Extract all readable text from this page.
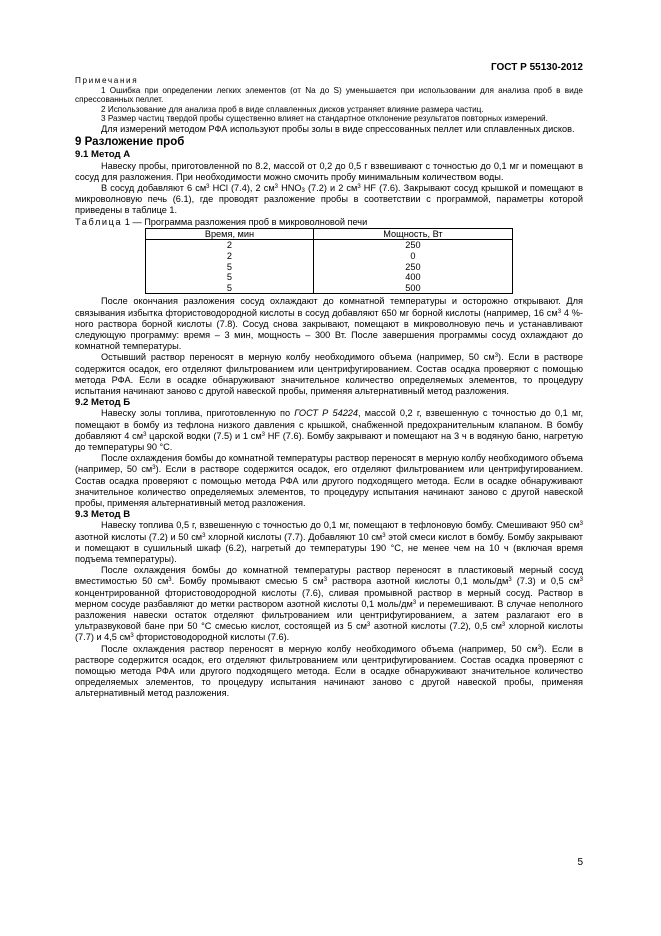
ГОСТ Р 55130-2012

Примечания

1 Ошибка при определении легких элементов (от Na до S) уменьшается при использовании для анализа проб в виде спрессованных пеллет.

2 Использование для анализа проб в виде сплавленных дисков устраняет влияние размера частиц.

3 Размер частиц твердой пробы существенно влияет на стандартное отклонение результатов повторных измерений.

Для измерений методом РФА используют пробы золы в виде спрессованных пеллет или сплавленных дисков.

9 Разложение проб
9.1 Метод А

Навеску пробы, приготовленной по 8.2, массой от 0,2 до 0,5 г взвешивают с точностью до 0,1 мг и помещают в сосуд для разложения. При необходимости можно смочить пробу минимальным количеством воды.

В сосуд добавляют 6 $см^3$ HCl (7.4), 2 $см^3$ $HNO_3$ (7.2) и 2 $см^3$ HF (7.6). Закрывают сосуд крышкой и помещают в микроволновую печь (6.1), где проводят разложение пробы в соответствии с программой, параметры которой приведены в таблице 1.

Таблица 1 — Программа разложения проб в микроволновой печи

Время, мин	Мощность, Вт
2	250
2	0
5	250
5	400
5	500

После окончания разложения сосуд охлаждают до комнатной температуры и осторожно открывают. Для связывания избытка фтористоводородной кислоты в сосуд добавляют 650 мг борной кислоты (например, 16 $см^3$ 4 %-ного раствора борной кислоты (7.8). Сосуд снова закрывают, помещают в микроволновую печь и устанавливают следующую программу: время – 3 мин, мощность – 300 Вт. После завершения программы сосуд охлаждают до комнатной температуры.

Остывший раствор переносят в мерную колбу необходимого объема (например, 50 $см^3$). Если в растворе содержится осадок, его отделяют фильтрованием или центрифугированием. Состав осадка проверяют с помощью метода РФА. Если в осадке обнаруживают значительное количество определяемых элементов, то процедуру испытания начинают заново с другой навеской пробы, применяя альтернативный метод разложения.

9.2 Метод Б

Навеску золы топлива, приготовленную по ГОСТ Р 54224, массой 0,2 г, взвешенную с точностью до 0,1 мг, помещают в бомбу из тефлона низкого давления с крышкой, снабженной предохранительным клапаном. В бомбу добавляют 4 $см^3$ царской водки (7.5) и 1 $см^3$ HF (7.6). Бомбу закрывают и помещают на 3 ч в водяную баню, нагретую до температуры 90 °С.

После охлаждения бомбы до комнатной температуры раствор переносят в мерную колбу необходимого объема (например, 50 $см^3$). Если в растворе содержится осадок, его отделяют фильтрованием или центрифугированием. Состав осадка проверяют с помощью метода РФА или другого подходящего метода. Если в осадке обнаруживают значительное количество определяемых элементов, то процедуру испытания начинают заново с другой навеской пробы, применяя альтернативный метод разложения.

9.3 Метод В

Навеску топлива 0,5 г, взвешенную с точностью до 0,1 мг, помещают в тефлоновую бомбу. Смешивают 950 $см^3$ азотной кислоты (7.2) и 50 $см^3$ хлорной кислоты (7.7). Добавляют 10 $см^3$ этой смеси кислот в бомбу. Бомбу закрывают и помещают в сушильный шкаф (6.2), нагретый до температуры 190 °С, не менее чем на 10 ч (включая время подъема температуры).

После охлаждения бомбы до комнатной температуры раствор переносят в пластиковый мерный сосуд вместимостью 50 $см^3$. Бомбу промывают смесью 5 $см^3$ раствора азотной кислоты 0,1 моль/$дм^3$ (7.3) и 0,5 $см^3$ концентрированной фтористоводородной кислоты (7.6), сливая промывной раствор в мерный сосуд. Раствор в мерном сосуде разбавляют до метки раствором азотной кислоты 0,1 моль/$дм^3$ и перемешивают. В случае неполного разложения навески остаток отделяют фильтрованием или центрифугированием, а затем разлагают его в ультразвуковой бане при 50 °С смесью кислот, состоящей из 5 $см^3$ азотной кислоты (7.2), 0,5 $см^3$ хлорной кислоты (7.7) и 4,5 $см^3$ фтористоводородной кислоты (7.6).

После охлаждения раствор переносят в мерную колбу необходимого объема (например, 50 $см^3$). Если в растворе содержится осадок, его отделяют фильтрованием или центрифугированием. Состав осадка проверяют с помощью метода РФА или другого подходящего метода. Если в осадке обнаруживают значительное количество определяемых элементов, то процедуру испытания начинают заново с другой навеской пробы, применяя альтернативный метод разложения.

5
